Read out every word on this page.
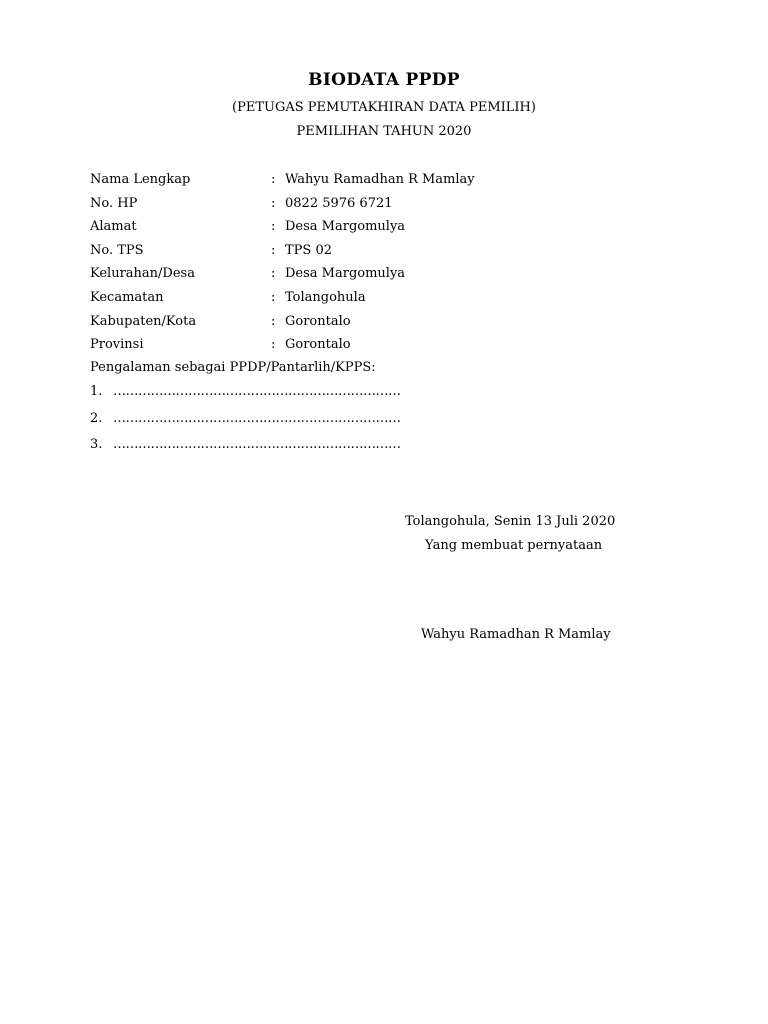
BIODATA PPDP
(PETUGAS PEMUTAKHIRAN DATA PEMILIH)
PEMILIHAN TAHUN 2020
Nama Lengkap	: Wahyu Ramadhan R Mamlay
No. HP	: 0822 5976 6721
Alamat	: Desa Margomulya
No. TPS	: TPS 02
Kelurahan/Desa	: Desa Margomulya
Kecamatan	: Tolangohula
Kabupaten/Kota	: Gorontalo
Provinsi	: Gorontalo
Pengalaman sebagai PPDP/Pantarlih/KPPS:
1. ……………………………………………………………
2. ……………………………………………………………
3. ……………………………………………………………
Tolangohula, Senin 13 Juli 2020
Yang membuat pernyataan
Wahyu Ramadhan R Mamlay
